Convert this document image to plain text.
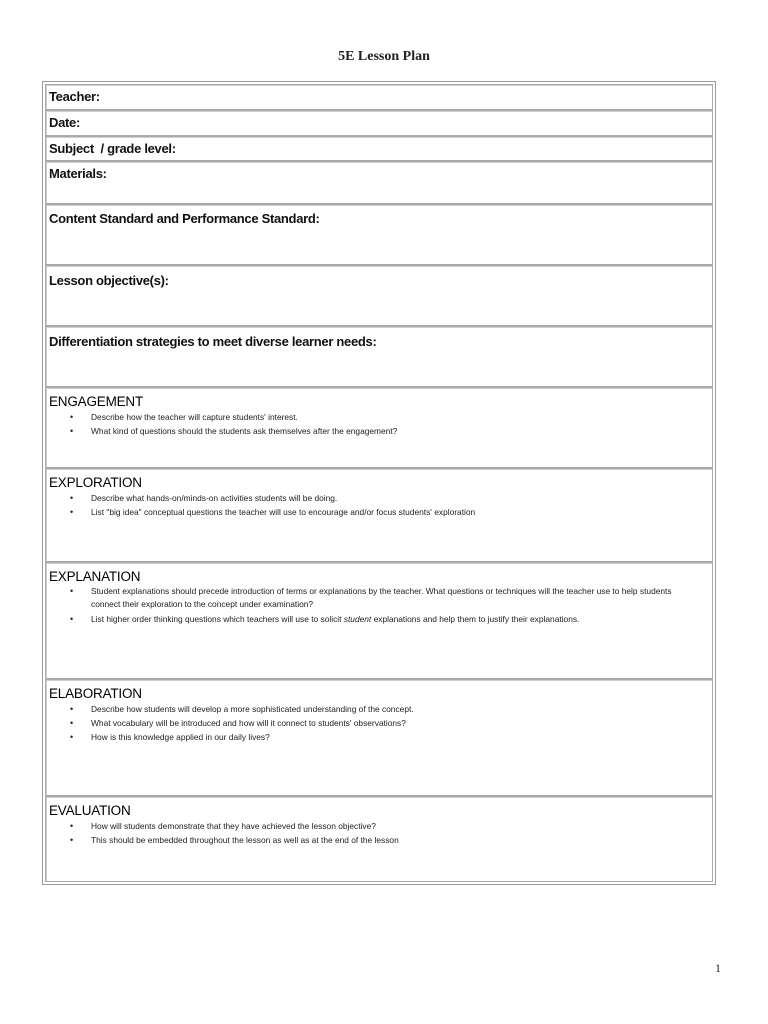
5E Lesson Plan
Teacher:
Date:
Subject  / grade level:
Materials:
Content Standard and Performance Standard:
Lesson objective(s):
Differentiation strategies to meet diverse learner needs:
ENGAGEMENT
• Describe how the teacher will capture students' interest.
• What kind of questions should the students ask themselves after the engagement?
EXPLORATION
• Describe what hands-on/minds-on activities students will be doing.
• List "big idea" conceptual questions the teacher will use to encourage and/or focus students' exploration
EXPLANATION
• Student explanations should precede introduction of terms or explanations by the teacher. What questions or techniques will the teacher use to help students connect their exploration to the concept under examination?
• List higher order thinking questions which teachers will use to solicit student explanations and help them to justify their explanations.
ELABORATION
• Describe how students will develop a more sophisticated understanding of the concept.
• What vocabulary will be introduced and how will it connect to students' observations?
• How is this knowledge applied in our daily lives?
EVALUATION
• How will students demonstrate that they have achieved the lesson objective?
• This should be embedded throughout the lesson as well as at the end of the lesson
1
